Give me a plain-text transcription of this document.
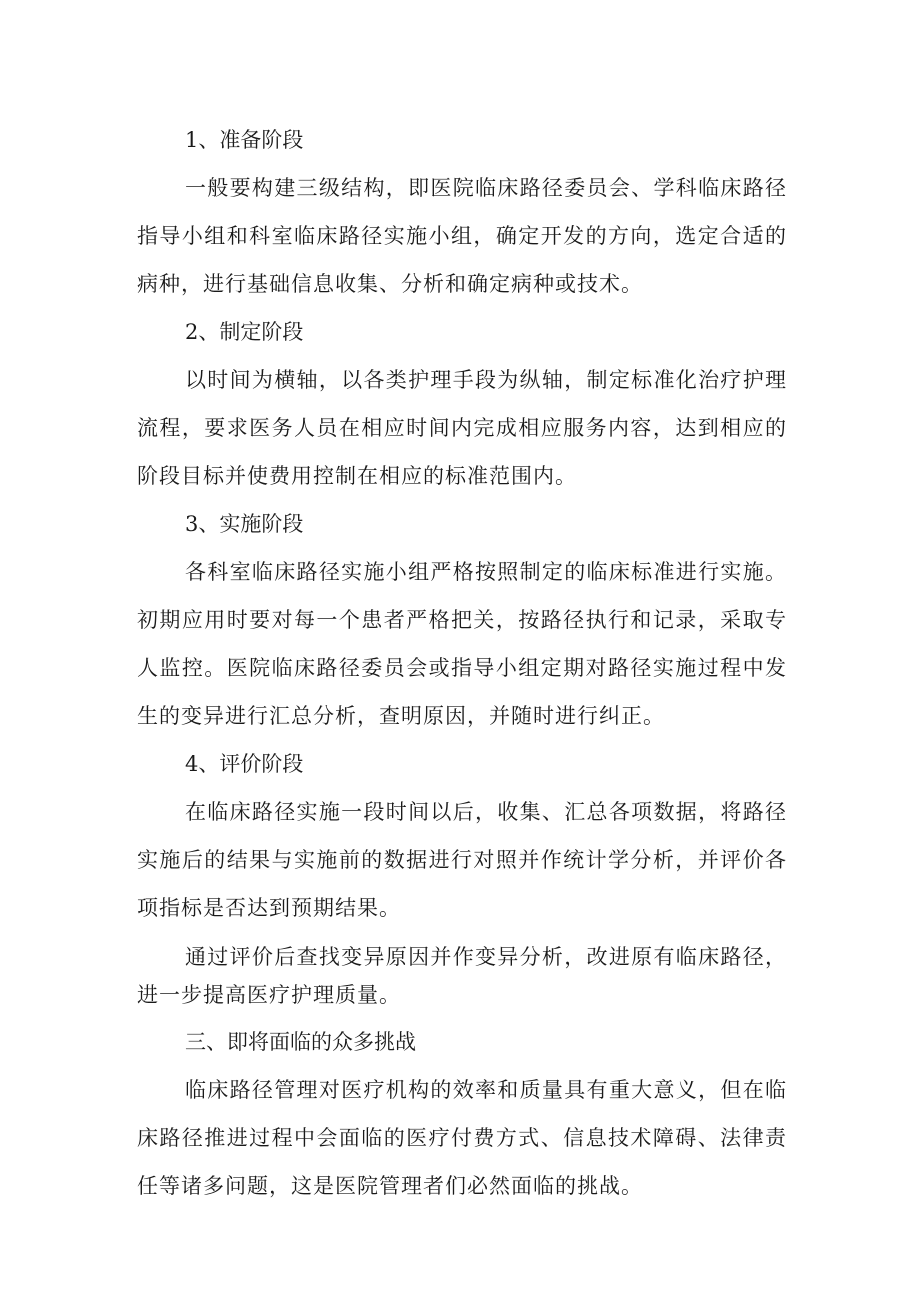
1、准备阶段

一般要构建三级结构，即医院临床路径委员会、学科临床路径指导小组和科室临床路径实施小组，确定开发的方向，选定合适的病种，进行基础信息收集、分析和确定病种或技术。

2、制定阶段

以时间为横轴，以各类护理手段为纵轴，制定标准化治疗护理流程，要求医务人员在相应时间内完成相应服务内容，达到相应的阶段目标并使费用控制在相应的标准范围内。

3、实施阶段

各科室临床路径实施小组严格按照制定的临床标准进行实施。初期应用时要对每一个患者严格把关，按路径执行和记录，采取专人监控。医院临床路径委员会或指导小组定期对路径实施过程中发生的变异进行汇总分析，查明原因，并随时进行纠正。

4、评价阶段

在临床路径实施一段时间以后，收集、汇总各项数据，将路径实施后的结果与实施前的数据进行对照并作统计学分析，并评价各项指标是否达到预期结果。

通过评价后查找变异原因并作变异分析，改进原有临床路径，进一步提高医疗护理质量。

三、即将面临的众多挑战

临床路径管理对医疗机构的效率和质量具有重大意义，但在临床路径推进过程中会面临的医疗付费方式、信息技术障碍、法律责任等诸多问题，这是医院管理者们必然面临的挑战。
